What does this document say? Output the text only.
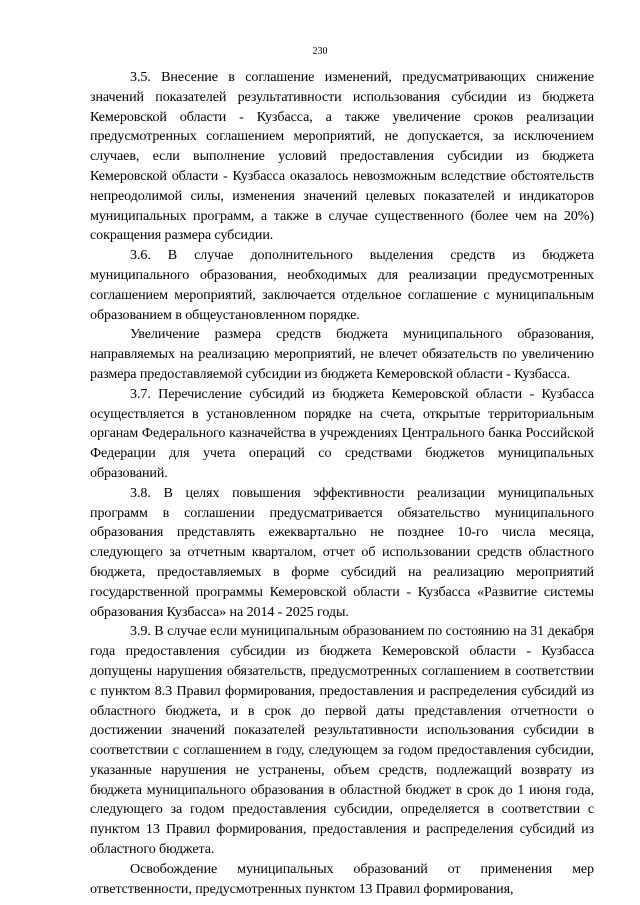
230

3.5. Внесение в соглашение изменений, предусматривающих снижение значений показателей результативности использования субсидии из бюджета Кемеровской области - Кузбасса, а также увеличение сроков реализации предусмотренных соглашением мероприятий, не допускается, за исключением случаев, если выполнение условий предоставления субсидии из бюджета Кемеровской области - Кузбасса оказалось невозможным вследствие обстоятельств непреодолимой силы, изменения значений целевых показателей и индикаторов муниципальных программ, а также в случае существенного (более чем на 20%) сокращения размера субсидии.

3.6. В случае дополнительного выделения средств из бюджета муниципального образования, необходимых для реализации предусмотренных соглашением мероприятий, заключается отдельное соглашение с муниципальным образованием в общеустановленном порядке.

Увеличение размера средств бюджета муниципального образования, направляемых на реализацию мероприятий, не влечет обязательств по увеличению размера предоставляемой субсидии из бюджета Кемеровской области - Кузбасса.

3.7. Перечисление субсидий из бюджета Кемеровской области - Кузбасса осуществляется в установленном порядке на счета, открытые территориальным органам Федерального казначейства в учреждениях Центрального банка Российской Федерации для учета операций со средствами бюджетов муниципальных образований.

3.8. В целях повышения эффективности реализации муниципальных программ в соглашении предусматривается обязательство муниципального образования представлять ежеквартально не позднее 10-го числа месяца, следующего за отчетным кварталом, отчет об использовании средств областного бюджета, предоставляемых в форме субсидий на реализацию мероприятий государственной программы Кемеровской области - Кузбасса «Развитие системы образования Кузбасса» на 2014 - 2025 годы.

3.9. В случае если муниципальным образованием по состоянию на 31 декабря года предоставления субсидии из бюджета Кемеровской области - Кузбасса допущены нарушения обязательств, предусмотренных соглашением в соответствии с пунктом 8.3 Правил формирования, предоставления и распределения субсидий из областного бюджета, и в срок до первой даты представления отчетности о достижении значений показателей результативности использования субсидии в соответствии с соглашением в году, следующем за годом предоставления субсидии, указанные нарушения не устранены, объем средств, подлежащий возврату из бюджета муниципального образования в областной бюджет в срок до 1 июня года, следующего за годом предоставления субсидии, определяется в соответствии с пунктом 13 Правил формирования, предоставления и распределения субсидий из областного бюджета.

Освобождение муниципальных образований от применения мер ответственности, предусмотренных пунктом 13 Правил формирования,
